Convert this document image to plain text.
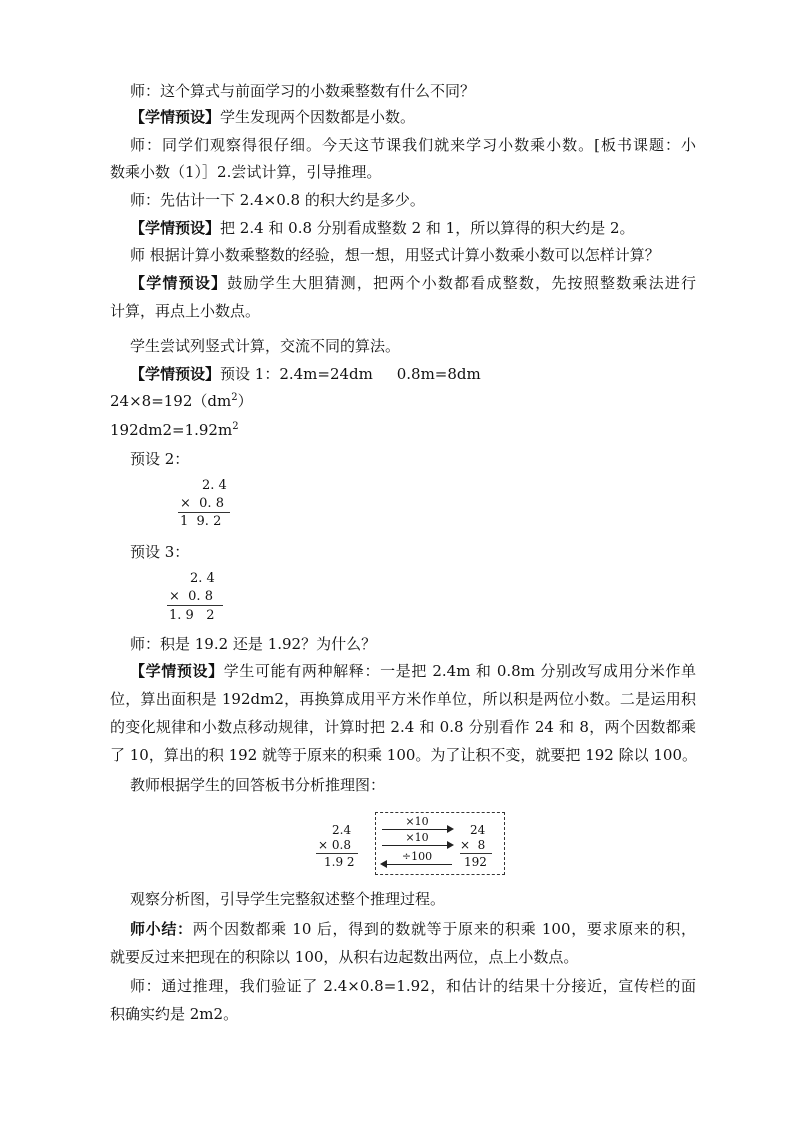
师：这个算式与前面学习的小数乘整数有什么不同？
【学情预设】学生发现两个因数都是小数。
师：同学们观察得很仔细。今天这节课我们就来学习小数乘小数。[板书课题：小
数乘小数（1）］2.尝试计算，引导推理。
师：先估计一下 2.4×0.8 的积大约是多少。
【学情预设】把 2.4 和 0.8 分别看成整数 2 和 1，所以算得的积大约是 2。
师 根据计算小数乘整数的经验，想一想，用竖式计算小数乘小数可以怎样计算？
【学情预设】鼓励学生大胆猜测，把两个小数都看成整数，先按照整数乘法进行
计算，再点上小数点。
学生尝试列竖式计算，交流不同的算法。
【学情预设】预设 1：2.4m=24dm     0.8m=8dm
$24\times 8=192(dm^2)$
$192dm2=1.92m^2$
预设 2：
2. 4
×  0. 8
1  9. 2
预设 3：
2. 4
×  0. 8
1. 9   2
师：积是 19.2 还是 1.92？为什么？
【学情预设】学生可能有两种解释：一是把 2.4m 和 0.8m 分别改写成用分米作单
位，算出面积是 192dm2，再换算成用平方米作单位，所以积是两位小数。二是运用积
的变化规律和小数点移动规律，计算时把 2.4 和 0.8 分别看作 24 和 8，两个因数都乘
了 10，算出的积 192 就等于原来的积乘 100。为了让积不变，就要把 192 除以 100。
教师根据学生的回答板书分析推理图：
2.4
× 0.8
1.9 2
×10
×10
÷100
24
×  8
192
观察分析图，引导学生完整叙述整个推理过程。
师小结：两个因数都乘 10 后，得到的数就等于原来的积乘 100，要求原来的积，
就要反过来把现在的积除以 100，从积右边起数出两位，点上小数点。
师：通过推理，我们验证了 2.4×0.8=1.92，和估计的结果十分接近，宣传栏的面
积确实约是 2m2。
